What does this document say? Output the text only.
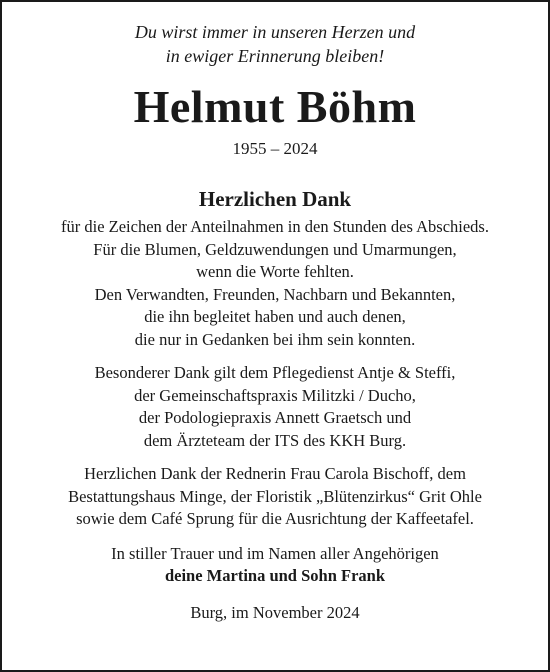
Du wirst immer in unseren Herzen und
in ewiger Erinnerung bleiben!
Helmut Böhm
1955 – 2024
Herzlichen Dank
für die Zeichen der Anteilnahmen in den Stunden des Abschieds.
Für die Blumen, Geldzuwendungen und Umarmungen,
wenn die Worte fehlten.
Den Verwandten, Freunden, Nachbarn und Bekannten,
die ihn begleitet haben und auch denen,
die nur in Gedanken bei ihm sein konnten.
Besonderer Dank gilt dem Pflegedienst Antje & Steffi,
der Gemeinschaftspraxis Militzki / Ducho,
der Podologiepraxis Annett Graetsch und
dem Ärzteteam der ITS des KKH Burg.
Herzlichen Dank der Rednerin Frau Carola Bischoff, dem
Bestattungshaus Minge, der Floristik „Blütenzirkus“ Grit Ohle
sowie dem Café Sprung für die Ausrichtung der Kaffeetafel.
In stiller Trauer und im Namen aller Angehörigen
deine Martina und Sohn Frank
Burg, im November 2024
